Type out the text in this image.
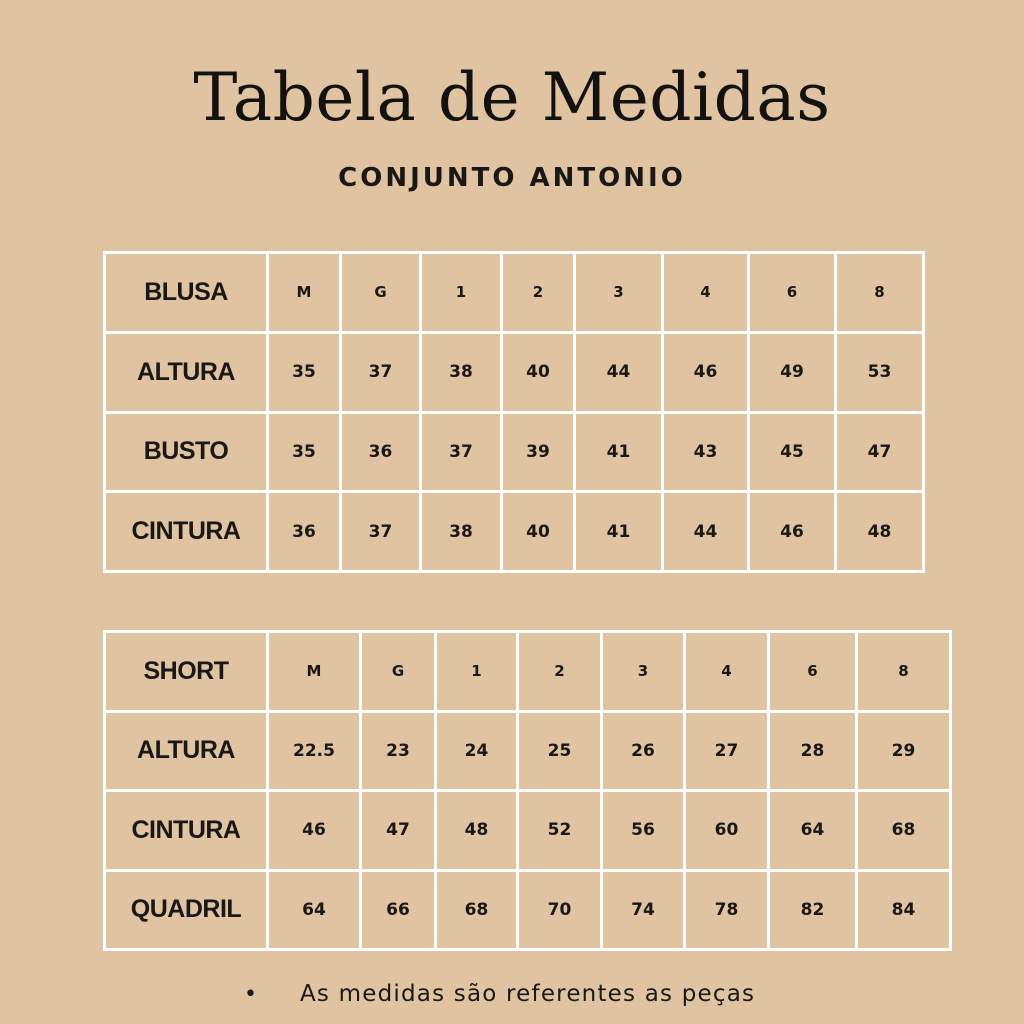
Tabela de Medidas
CONJUNTO ANTONIO
BLUSA	M	G	1	2	3	4	6	8
ALTURA	35	37	38	40	44	46	49	53
BUSTO	35	36	37	39	41	43	45	47
CINTURA	36	37	38	40	41	44	46	48
SHORT	M	G	1	2	3	4	6	8
ALTURA	22.5	23	24	25	26	27	28	29
CINTURA	46	47	48	52	56	60	64	68
QUADRIL	64	66	68	70	74	78	82	84
• As medidas são referentes as peças
